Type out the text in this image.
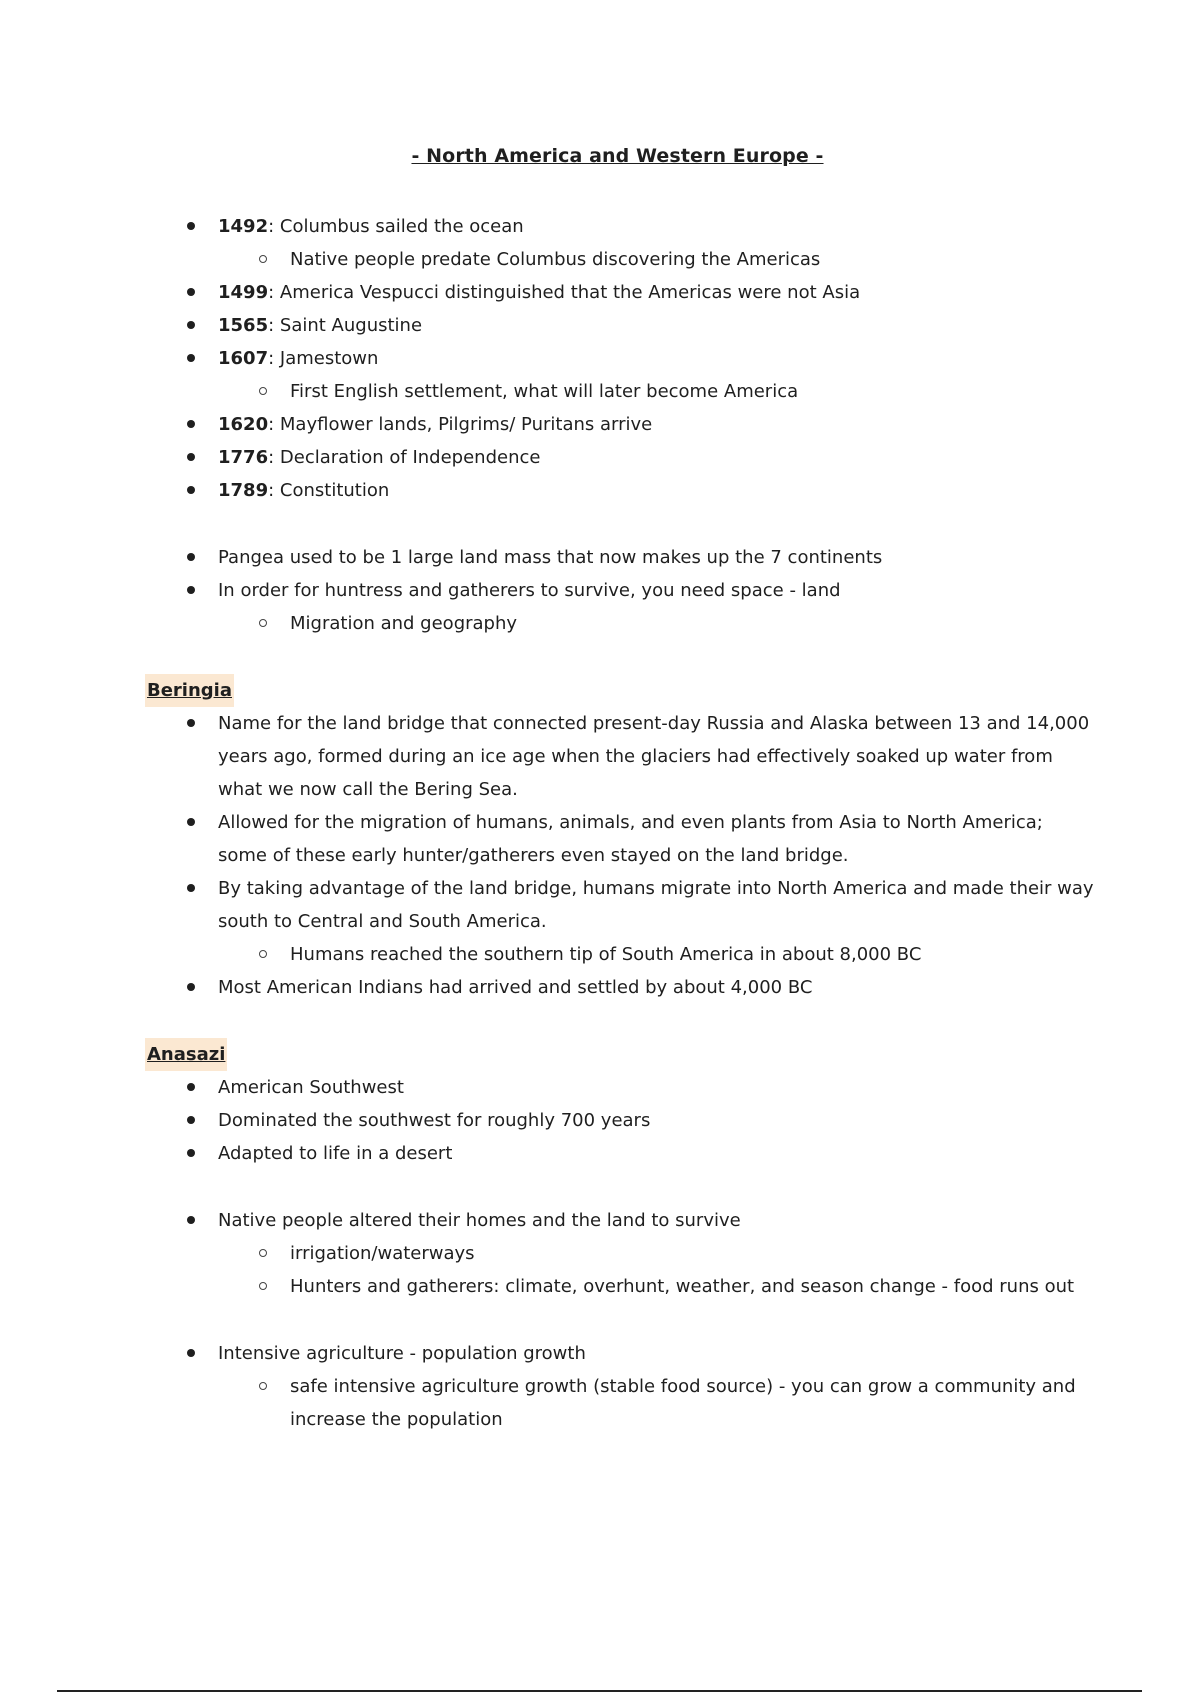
- North America and Western Europe -
1492: Columbus sailed the ocean
Native people predate Columbus discovering the Americas
1499: America Vespucci distinguished that the Americas were not Asia
1565: Saint Augustine
1607: Jamestown
First English settlement, what will later become America
1620: Mayflower lands, Pilgrims/ Puritans arrive
1776: Declaration of Independence
1789: Constitution
Pangea used to be 1 large land mass that now makes up the 7 continents
In order for huntress and gatherers to survive, you need space - land
Migration and geography
Beringia
Name for the land bridge that connected present-day Russia and Alaska between 13 and 14,000 years ago, formed during an ice age when the glaciers had effectively soaked up water from what we now call the Bering Sea.
Allowed for the migration of humans, animals, and even plants from Asia to North America; some of these early hunter/gatherers even stayed on the land bridge.
By taking advantage of the land bridge, humans migrate into North America and made their way south to Central and South America.
Humans reached the southern tip of South America in about 8,000 BC
Most American Indians had arrived and settled by about 4,000 BC
Anasazi
American Southwest
Dominated the southwest for roughly 700 years
Adapted to life in a desert
Native people altered their homes and the land to survive
irrigation/waterways
Hunters and gatherers: climate, overhunt, weather, and season change - food runs out
Intensive agriculture - population growth
safe intensive agriculture growth (stable food source) - you can grow a community and increase the population
